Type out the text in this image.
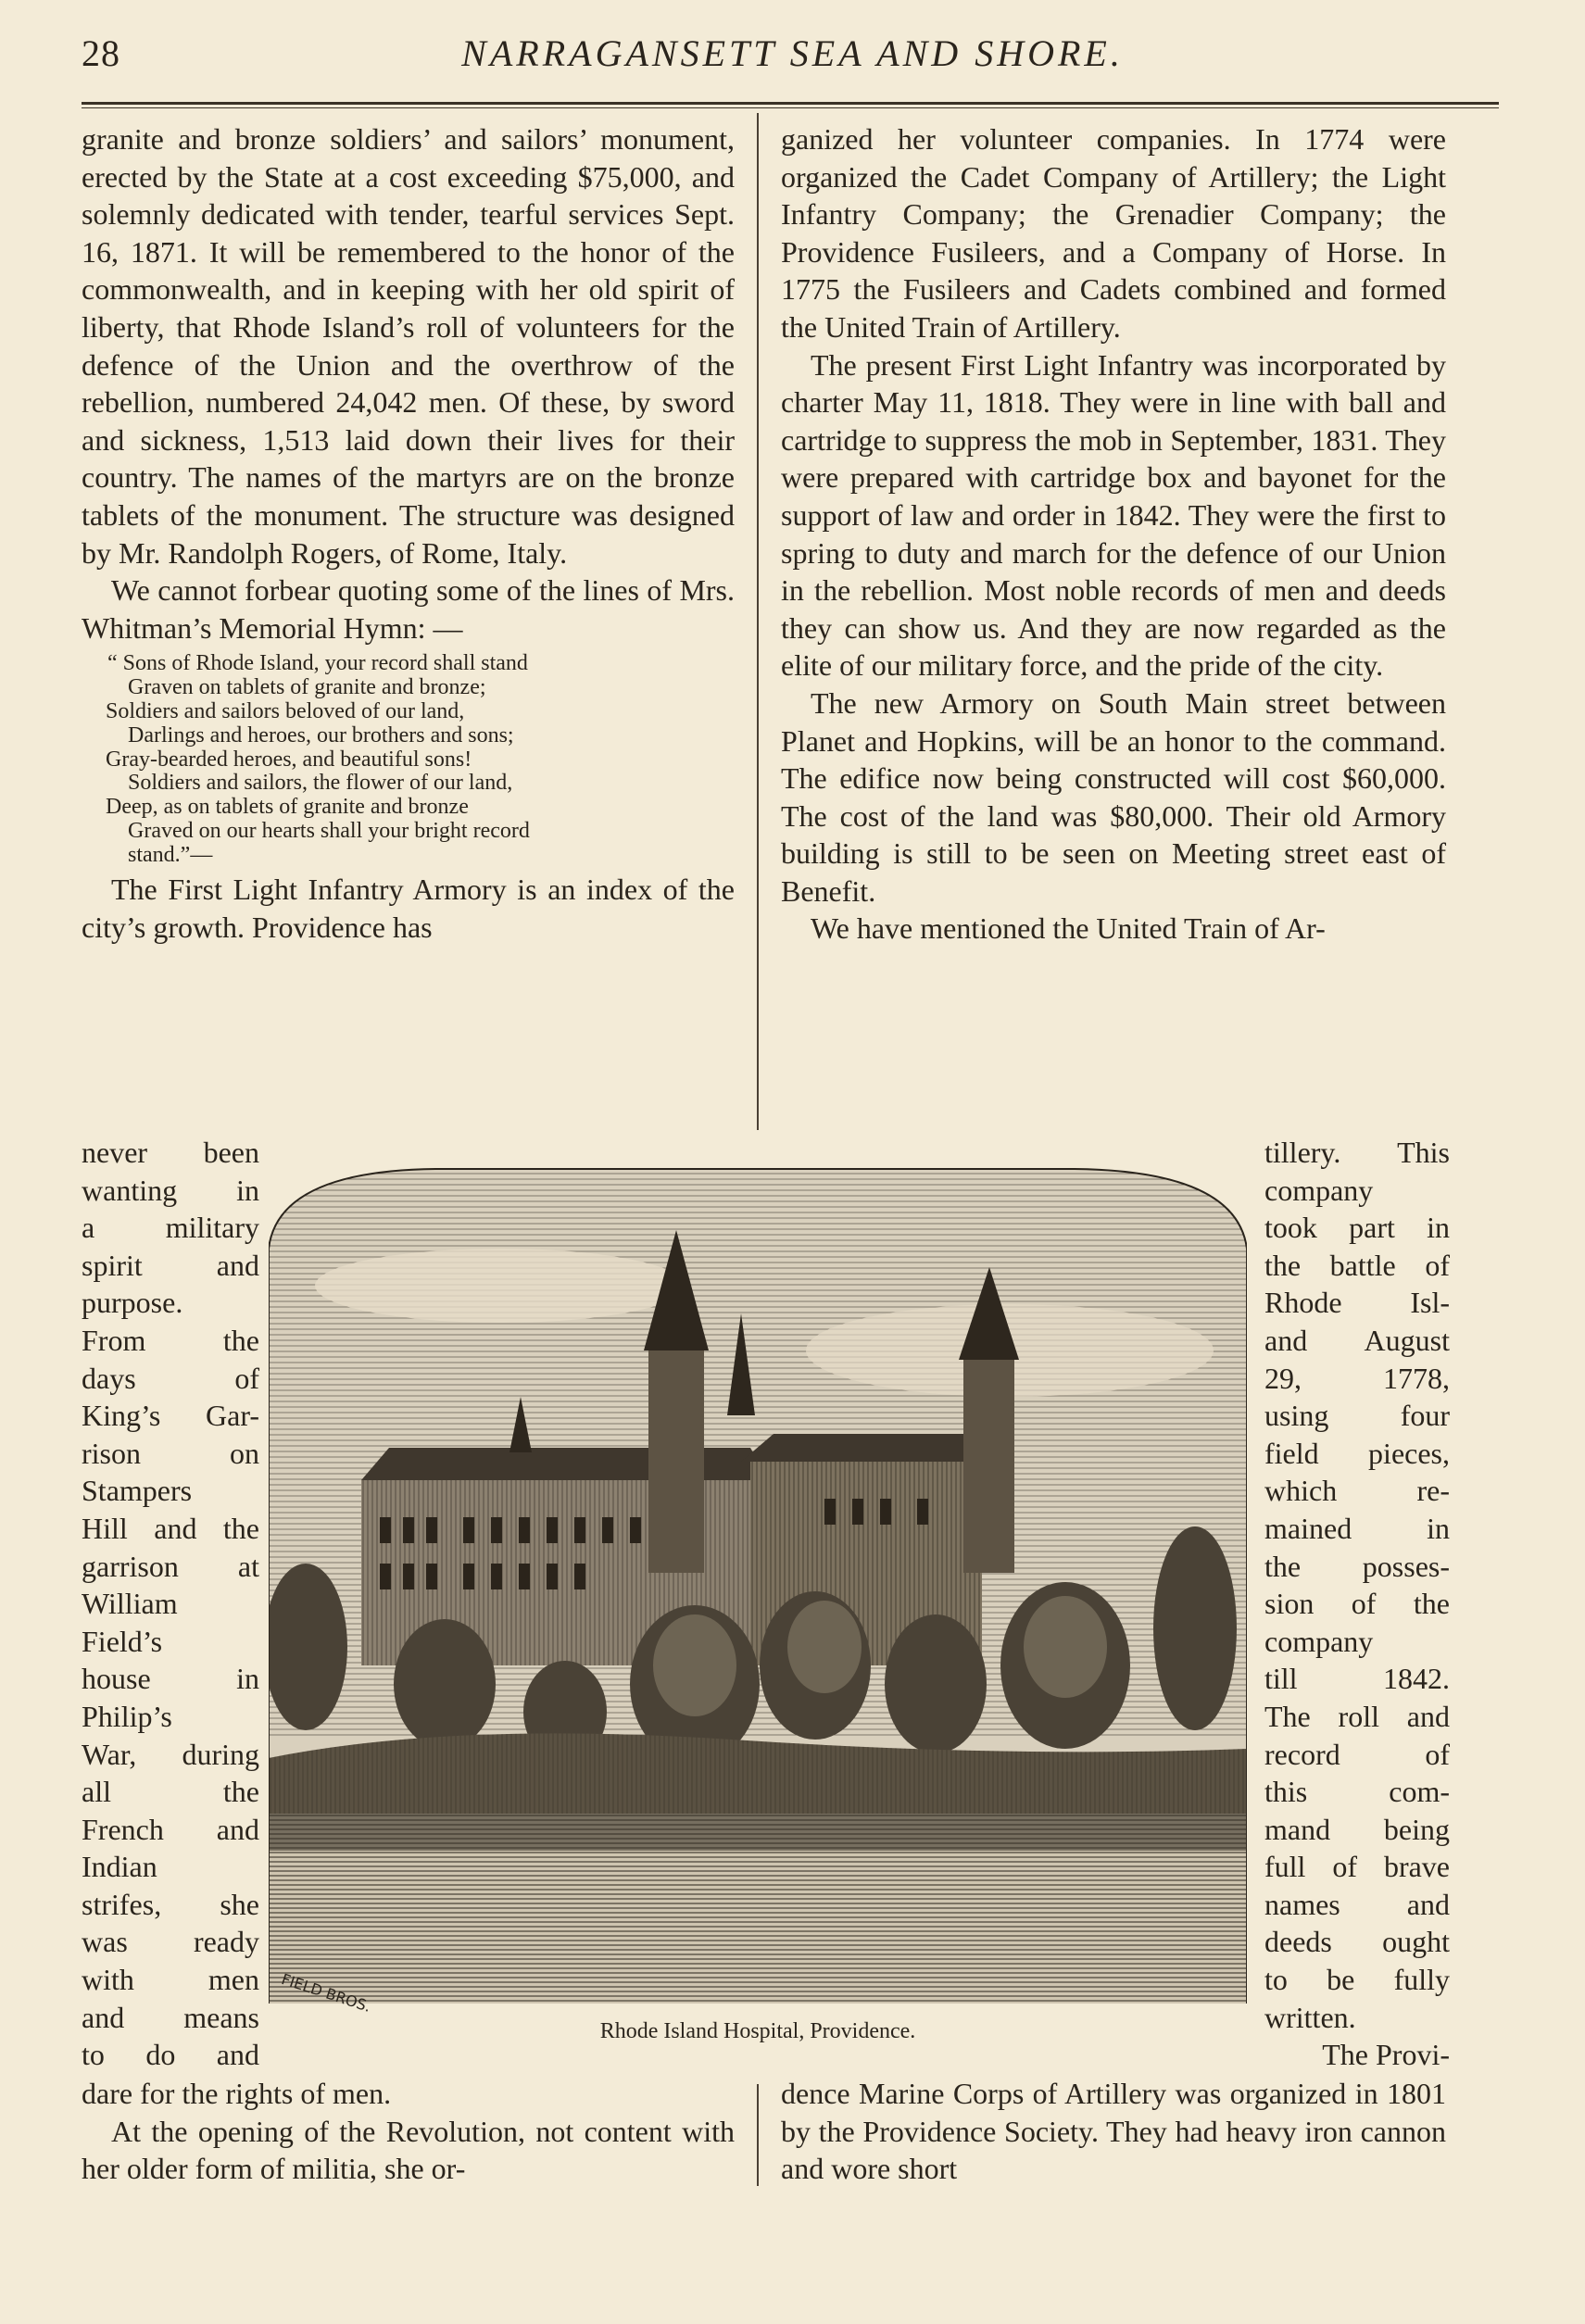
28	NARRAGANSETT SEA AND SHORE.

granite and bronze soldiers’ and sailors’ monument, erected by the State at a cost exceeding $75,000, and solemnly dedicated with tender, tearful services Sept. 16, 1871. It will be remembered to the honor of the commonwealth, and in keeping with her old spirit of liberty, that Rhode Island’s roll of volunteers for the defence of the Union and the overthrow of the rebellion, numbered 24,042 men. Of these, by sword and sickness, 1,513 laid down their lives for their country. The names of the martyrs are on the bronze tablets of the monument. The structure was designed by Mr. Randolph Rogers, of Rome, Italy.

We cannot forbear quoting some of the lines of Mrs. Whitman’s Memorial Hymn: —

“ Sons of Rhode Island, your record shall stand
Graven on tablets of granite and bronze;
Soldiers and sailors beloved of our land,
Darlings and heroes, our brothers and sons;
Gray-bearded heroes, and beautiful sons!
Soldiers and sailors, the flower of our land,
Deep, as on tablets of granite and bronze
Graved on our hearts shall your bright record
stand.”—

The First Light Infantry Armory is an index of the city’s growth. Providence has

never been
wanting in
a military
spirit and
purpose.
From the
days of
King’s Gar-
rison on
Stampers
Hill and the
garrison at
William
Field’s
house in
Philip’s
War, during
all the
French and
Indian
strifes, she
was ready
with men
and means
to do and

dare for the rights of men.

At the opening of the Revolution, not content with her older form of militia, she or-

ganized her volunteer companies. In 1774 were organized the Cadet Company of Artillery; the Light Infantry Company; the Grenadier Company; the Providence Fusileers, and a Company of Horse. In 1775 the Fusileers and Cadets combined and formed the United Train of Artillery.

The present First Light Infantry was incorporated by charter May 11, 1818. They were in line with ball and cartridge to suppress the mob in September, 1831. They were prepared with cartridge box and bayonet for the support of law and order in 1842. They were the first to spring to duty and march for the defence of our Union in the rebellion. Most noble records of men and deeds they can show us. And they are now regarded as the elite of our military force, and the pride of the city.

The new Armory on South Main street between Planet and Hopkins, will be an honor to the command. The edifice now being constructed will cost $60,000. The cost of the land was $80,000. Their old Armory building is still to be seen on Meeting street east of Benefit.

We have mentioned the United Train of Ar-

tillery. This
company
took part in
the battle of
Rhode Isl-
and August
29, 1778,
using four
field pieces,
which re-
mained in
the posses-
sion of the
company
till 1842.
The roll and
record of
this com-
mand being
full of brave
names and
deeds ought
to be fully
written.
The Provi-

dence Marine Corps of Artillery was organized in 1801 by the Providence Society. They had heavy iron cannon and wore short

FIELD BROS.
Rhode Island Hospital, Providence.
